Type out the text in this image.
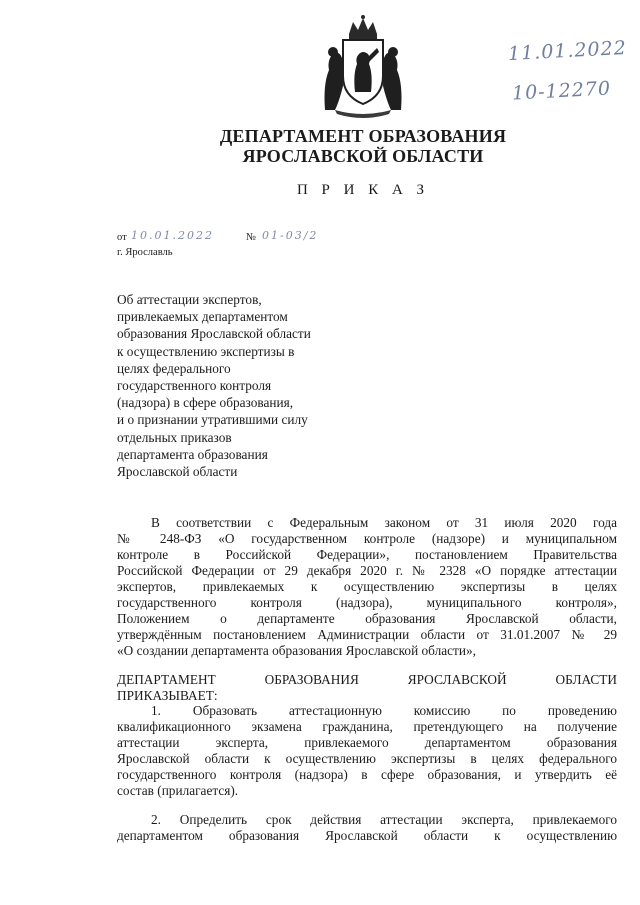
11.01.2022
10-12270
ДЕПАРТАМЕНТ ОБРАЗОВАНИЯ
ЯРОСЛАВСКОЙ ОБЛАСТИ
П Р И К А З
от 10.01.2022	№ 01-03/2
г. Ярославль
Об аттестации экспертов,
привлекаемых департаментом
образования Ярославской области
к осуществлению экспертизы в
целях федерального
государственного контроля
(надзора) в сфере образования,
и о признании утратившими силу
отдельных приказов
департамента образования
Ярославской области
В соответствии с Федеральным законом от 31 июля 2020 года
№ 248-ФЗ «О государственном контроле (надзоре) и муниципальном
контроле в Российской Федерации», постановлением Правительства
Российской Федерации от 29 декабря 2020 г. № 2328 «О порядке аттестации
экспертов, привлекаемых к осуществлению экспертизы в целях
государственного контроля (надзора), муниципального контроля»,
Положением о департаменте образования Ярославской области,
утверждённым постановлением Администрации области от 31.01.2007 № 29
«О создании департамента образования Ярославской области»,
ДЕПАРТАМЕНТ ОБРАЗОВАНИЯ ЯРОСЛАВСКОЙ ОБЛАСТИ
ПРИКАЗЫВАЕТ:
1. Образовать аттестационную комиссию по проведению
квалификационного экзамена гражданина, претендующего на получение
аттестации эксперта, привлекаемого департаментом образования
Ярославской области к осуществлению экспертизы в целях федерального
государственного контроля (надзора) в сфере образования, и утвердить её
состав (прилагается).
2. Определить срок действия аттестации эксперта, привлекаемого
департаментом образования Ярославской области к осуществлению
